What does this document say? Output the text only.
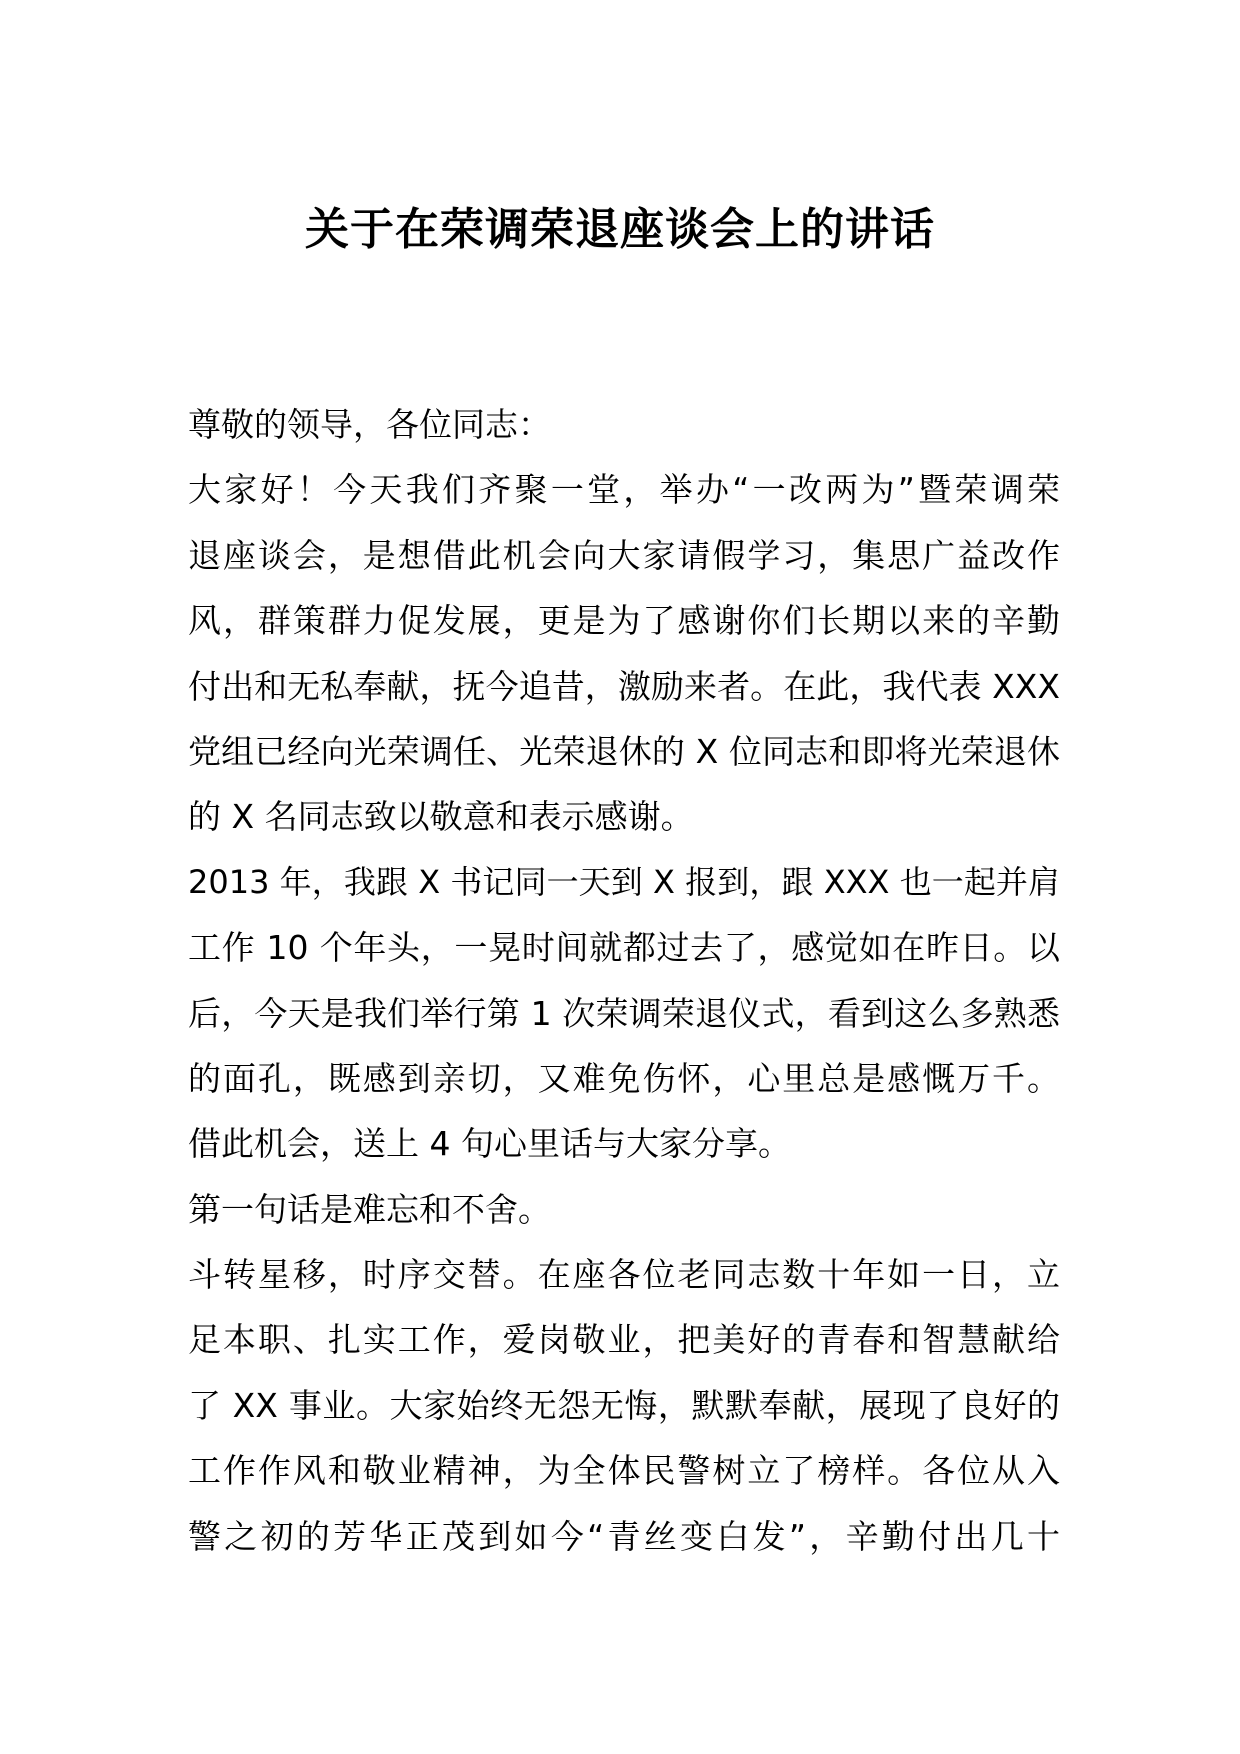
关于在荣调荣退座谈会上的讲话
尊敬的领导，各位同志：
大家好！今天我们齐聚一堂，举办“一改两为”暨荣调荣
退座谈会，是想借此机会向大家请假学习，集思广益改作
风，群策群力促发展，更是为了感谢你们长期以来的辛勤
付出和无私奉献，抚今追昔，激励来者。在此，我代表 XXX
党组已经向光荣调任、光荣退休的 X 位同志和即将光荣退休
的 X 名同志致以敬意和表示感谢。
2013 年，我跟 X 书记同一天到 X 报到，跟 XXX 也一起并肩
工作 10 个年头，一晃时间就都过去了，感觉如在昨日。以
后，今天是我们举行第 1 次荣调荣退仪式，看到这么多熟悉
的面孔，既感到亲切，又难免伤怀，心里总是感慨万千。
借此机会，送上 4 句心里话与大家分享。
第一句话是难忘和不舍。
斗转星移，时序交替。在座各位老同志数十年如一日，立
足本职、扎实工作，爱岗敬业，把美好的青春和智慧献给
了 XX 事业。大家始终无怨无悔，默默奉献，展现了良好的
工作作风和敬业精神，为全体民警树立了榜样。各位从入
警之初的芳华正茂到如今“青丝变白发”，辛勤付出几十
